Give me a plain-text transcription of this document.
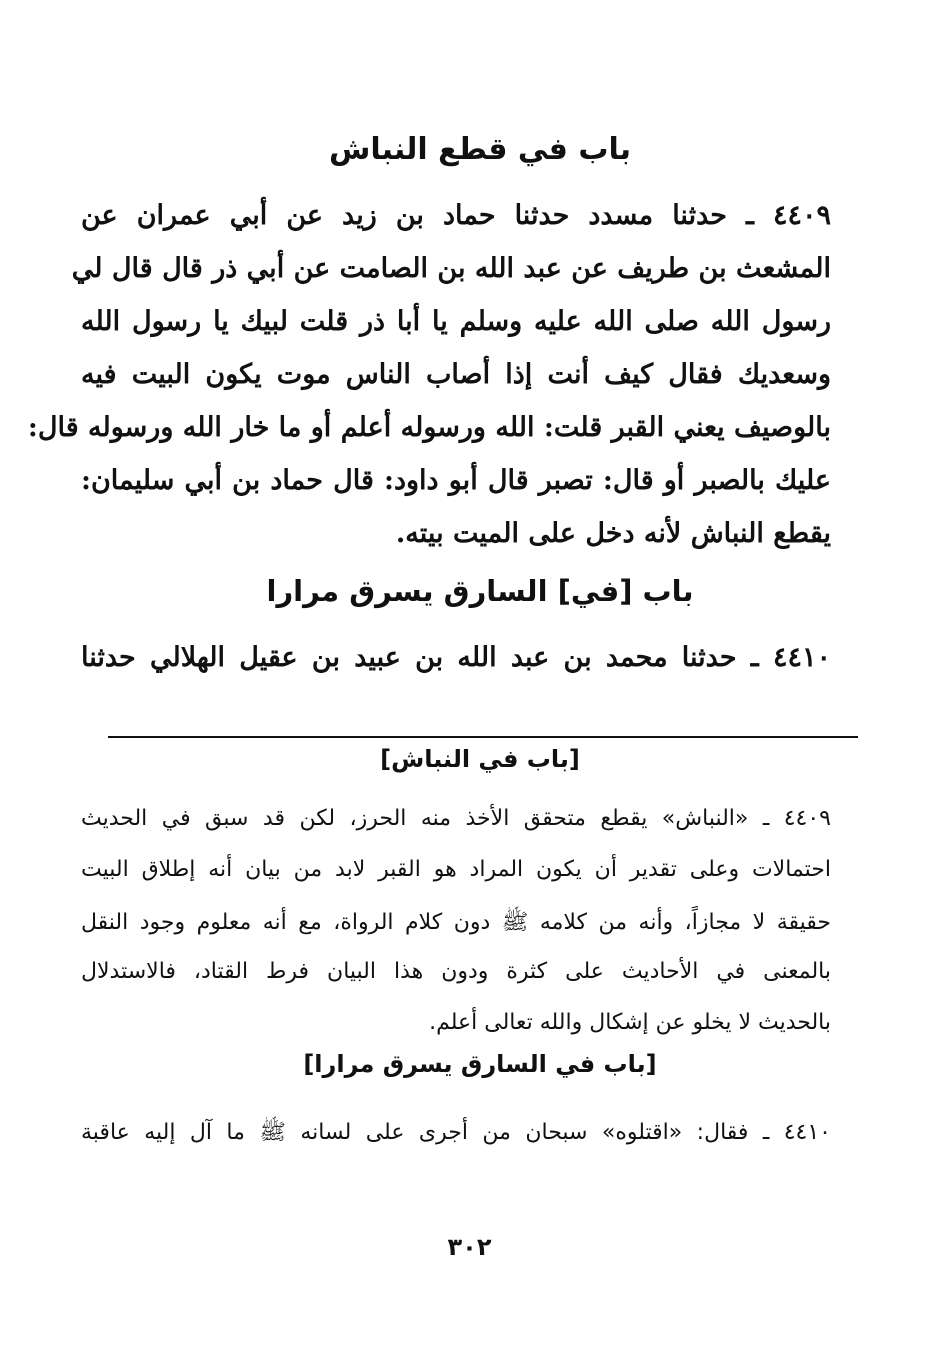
باب في قطع النباش
٤٤٠٩ ـ حدثنا مسدد حدثنا حماد بن زيد عن أبي عمران عن
المشعث بن طريف عن عبد الله بن الصامت عن أبي ذر قال قال لي
رسول الله صلى الله عليه وسلم يا أبا ذر قلت لبيك يا رسول الله
وسعديك فقال كيف أنت إذا أصاب الناس موت يكون البيت فيه
بالوصيف يعني القبر قلت: الله ورسوله أعلم أو ما خار الله ورسوله قال:
عليك بالصبر أو قال: تصبر قال أبو داود: قال حماد بن أبي سليمان:
يقطع النباش لأنه دخل على الميت بيته.
باب [في] السارق يسرق مرارا
٤٤١٠ ـ حدثنا محمد بن عبد الله بن عبيد بن عقيل الهلالي حدثنا
[باب في النباش]
٤٤٠٩ ـ «النباش» يقطع متحقق الأخذ منه الحرز، لكن قد سبق في الحديث
احتمالات وعلى تقدير أن يكون المراد هو القبر لابد من بيان أنه إطلاق البيت
حقيقة لا مجازاً، وأنه من كلامه ﷺ دون كلام الرواة، مع أنه معلوم وجود النقل
بالمعنى في الأحاديث على كثرة ودون هذا البيان فرط القتاد، فالاستدلال
بالحديث لا يخلو عن إشكال والله تعالى أعلم.
[باب في السارق يسرق مرارا]
٤٤١٠ ـ فقال: «اقتلوه» سبحان من أجرى على لسانه ﷺ ما آل إليه عاقبة
٣٠٢
